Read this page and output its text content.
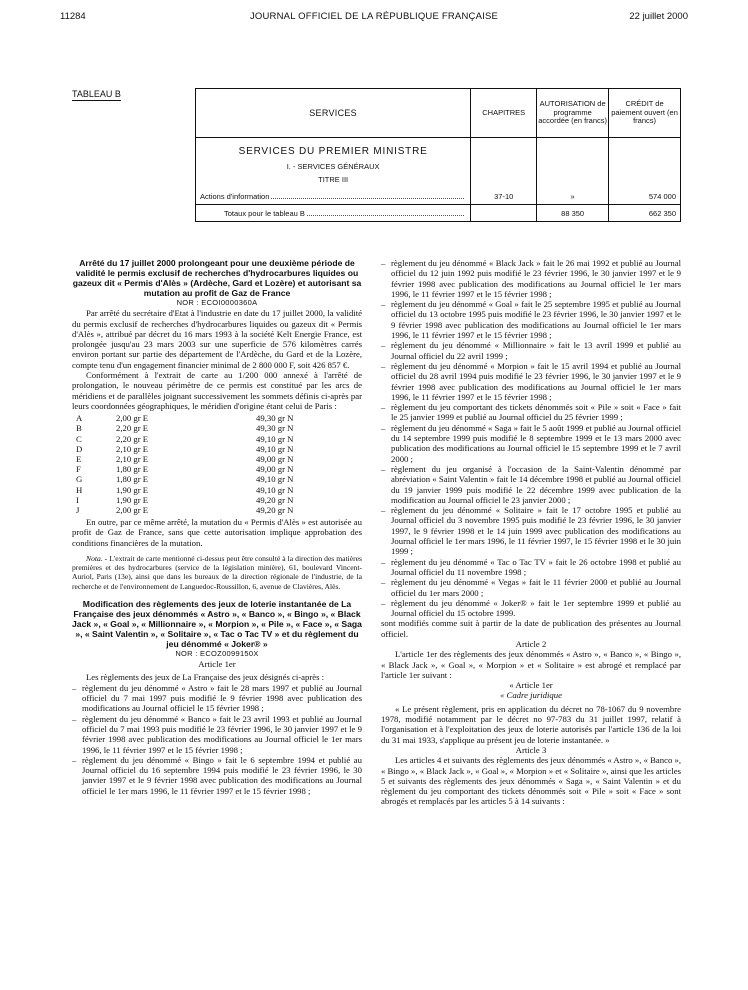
11284	JOURNAL OFFICIEL DE LA RÉPUBLIQUE FRANÇAISE	22 juillet 2000
TABLEAU B
SERVICES	CHAPITRES	AUTORISATION de programme accordée (en francs)	CRÉDIT de paiement ouvert (en francs)

SERVICES DU PREMIER MINISTRE
I. - SERVICES GÉNÉRAUX
TITRE III
Actions d'information	37-10	»	574 000

Totaux pour le tableau B		88 350	662 350

Arrêté du 17 juillet 2000 prolongeant pour une deuxième période de validité le permis exclusif de recherches d'hydrocarbures liquides ou gazeux dit « Permis d'Alès » (Ardèche, Gard et Lozère) et autorisant sa mutation au profit de Gaz de France

NOR : ECOI0000360A

Par arrêté du secrétaire d'Etat à l'industrie en date du 17 juillet 2000, la validité du permis exclusif de recherches d'hydrocarbures liquides ou gazeux dit « Permis d'Alès », attribué par décret du 16 mars 1993 à la société Kelt Energie France, est prolongée jusqu'au 23 mars 2003 sur une superficie de 576 kilomètres carrés environ portant sur partie des département de l'Ardèche, du Gard et de la Lozère, compte tenu d'un engagement financier minimal de 2 800 000 F, soit 426 857 €.

Conformément à l'extrait de carte au 1/200 000 annexé à l'arrêté de prolongation, le nouveau périmètre de ce permis est constitué par les arcs de méridiens et de parallèles joignant successivement les sommets définis ci-après par leurs coordonnées géographiques, le méridien d'origine étant celui de Paris :

A	2,00 gr E	49,30 gr N
B	2,20 gr E	49,30 gr N
C	2,20 gr E	49,10 gr N
D	2,10 gr E	49,10 gr N
E	2,10 gr E	49,00 gr N
F	1,80 gr E	49,00 gr N
G	1,80 gr E	49,10 gr N
H	1,90 gr E	49,10 gr N
I	1,90 gr E	49,20 gr N
J	2,00 gr E	49,20 gr N

En outre, par ce même arrêté, la mutation du « Permis d'Alès » est autorisée au profit de Gaz de France, sans que cette autorisation implique approbation des conditions financières de la mutation.

Nota. - L'extrait de carte mentionné ci-dessus peut être consulté à la direction des matières premières et des hydrocarbures (service de la législation minière), 61, boulevard Vincent-Auriol, Paris (13e), ainsi que dans les bureaux de la direction régionale de l'industrie, de la recherche et de l'environnement de Languedoc-Roussillon, 6, avenue de Clavières, Alès.

Modification des règlements des jeux de loterie instantanée de La Française des jeux dénommés « Astro », « Banco », « Bingo », « Black Jack », « Goal », « Millionnaire », « Morpion », « Pile », « Face », « Saga », « Saint Valentin », « Solitaire », « Tac o Tac TV » et du règlement du jeu dénommé « Joker® »

NOR : ECOZ0099150X

Article 1er

Les règlements des jeux de La Française des jeux désignés ci-après :

– règlement du jeu dénommé « Astro » fait le 28 mars 1997 et publié au Journal officiel du 7 mai 1997 puis modifié le 9 février 1998 avec publication des modifications au Journal officiel le 15 février 1998 ;
– règlement du jeu dénommé « Banco » fait le 23 avril 1993 et publié au Journal officiel du 7 mai 1993 puis modifié le 23 février 1996, le 30 janvier 1997 et le 9 février 1998 avec publication des modifications au Journal officiel le 1er mars 1996, le 11 février 1997 et le 15 février 1998 ;
– règlement du jeu dénommé « Bingo » fait le 6 septembre 1994 et publié au Journal officiel du 16 septembre 1994 puis modifié le 23 février 1996, le 30 janvier 1997 et le 9 février 1998 avec publication des modifications au Journal officiel le 1er mars 1996, le 11 février 1997 et le 15 février 1998 ;
– règlement du jeu dénommé « Black Jack » fait le 26 mai 1992 et publié au Journal officiel du 12 juin 1992 puis modifié le 23 février 1996, le 30 janvier 1997 et le 9 février 1998 avec publication des modifications au Journal officiel le 1er mars 1996, le 11 février 1997 et le 15 février 1998 ;
– règlement du jeu dénommé « Goal » fait le 25 septembre 1995 et publié au Journal officiel du 13 octobre 1995 puis modifié le 23 février 1996, le 30 janvier 1997 et le 9 février 1998 avec publication des modifications au Journal officiel le 1er mars 1996, le 11 février 1997 et le 15 février 1998 ;
– règlement du jeu dénommé « Millionnaire » fait le 13 avril 1999 et publié au Journal officiel du 22 avril 1999 ;
– règlement du jeu dénommé « Morpion » fait le 15 avril 1994 et publié au Journal officiel du 28 avril 1994 puis modifié le 23 février 1996, le 30 janvier 1997 et le 9 février 1998 avec publication des modifications au Journal officiel le 1er mars 1996, le 11 février 1997 et le 15 février 1998 ;
– règlement du jeu comportant des tickets dénommés soit « Pile » soit « Face » fait le 25 janvier 1999 et publié au Journal officiel du 25 février 1999 ;
– règlement du jeu dénommé « Saga » fait le 5 août 1999 et publié au Journal officiel du 14 septembre 1999 puis modifié le 8 septembre 1999 et le 13 mars 2000 avec publication des modifications au Journal officiel le 15 septembre 1999 et le 7 avril 2000 ;
– règlement du jeu organisé à l'occasion de la Saint-Valentin dénommé par abréviation « Saint Valentin » fait le 14 décembre 1998 et publié au Journal officiel du 19 janvier 1999 puis modifié le 22 décembre 1999 avec publication de la modification au Journal officiel le 23 janvier 2000 ;
– règlement du jeu dénommé « Solitaire » fait le 17 octobre 1995 et publié au Journal officiel du 3 novembre 1995 puis modifié le 23 février 1996, le 30 janvier 1997, le 9 février 1998 et le 14 juin 1999 avec publication des modifications au Journal officiel le 1er mars 1996, le 11 février 1997, le 15 février 1998 et le 30 juin 1999 ;
– règlement du jeu dénommé « Tac o Tac TV » fait le 26 octobre 1998 et publié au Journal officiel du 11 novembre 1998 ;
– règlement du jeu dénommé « Vegas » fait le 11 février 2000 et publié au Journal officiel du 1er mars 2000 ;
– règlement du jeu dénommé « Joker® » fait le 1er septembre 1999 et publié au Journal officiel du 15 octobre 1999.

sont modifiés comme suit à partir de la date de publication des présentes au Journal officiel.

Article 2

L'article 1er des règlements des jeux dénommés « Astro », « Banco », « Bingo », « Black Jack », « Goal », « Morpion » et « Solitaire » est abrogé et remplacé par l'article 1er suivant :

« Article 1er

« Cadre juridique

« Le présent règlement, pris en application du décret no 78-1067 du 9 novembre 1978, modifié notamment par le décret no 97-783 du 31 juillet 1997, relatif à l'organisation et à l'exploitation des jeux de loterie autorisés par l'article 136 de la loi du 31 mai 1933, s'applique au présent jeu de loterie instantanée. »

Article 3

Les articles 4 et suivants des règlements des jeux dénommés « Astro », « Banco », « Bingo », « Black Jack », « Goal », « Morpion » et « Solitaire », ainsi que les articles 5 et suivants des règlements des jeux dénommés « Saga », « Saint Valentin » et du règlement du jeu comportant des tickets dénommés soit « Pile » soit « Face » sont abrogés et remplacés par les articles 5 à 14 suivants :
